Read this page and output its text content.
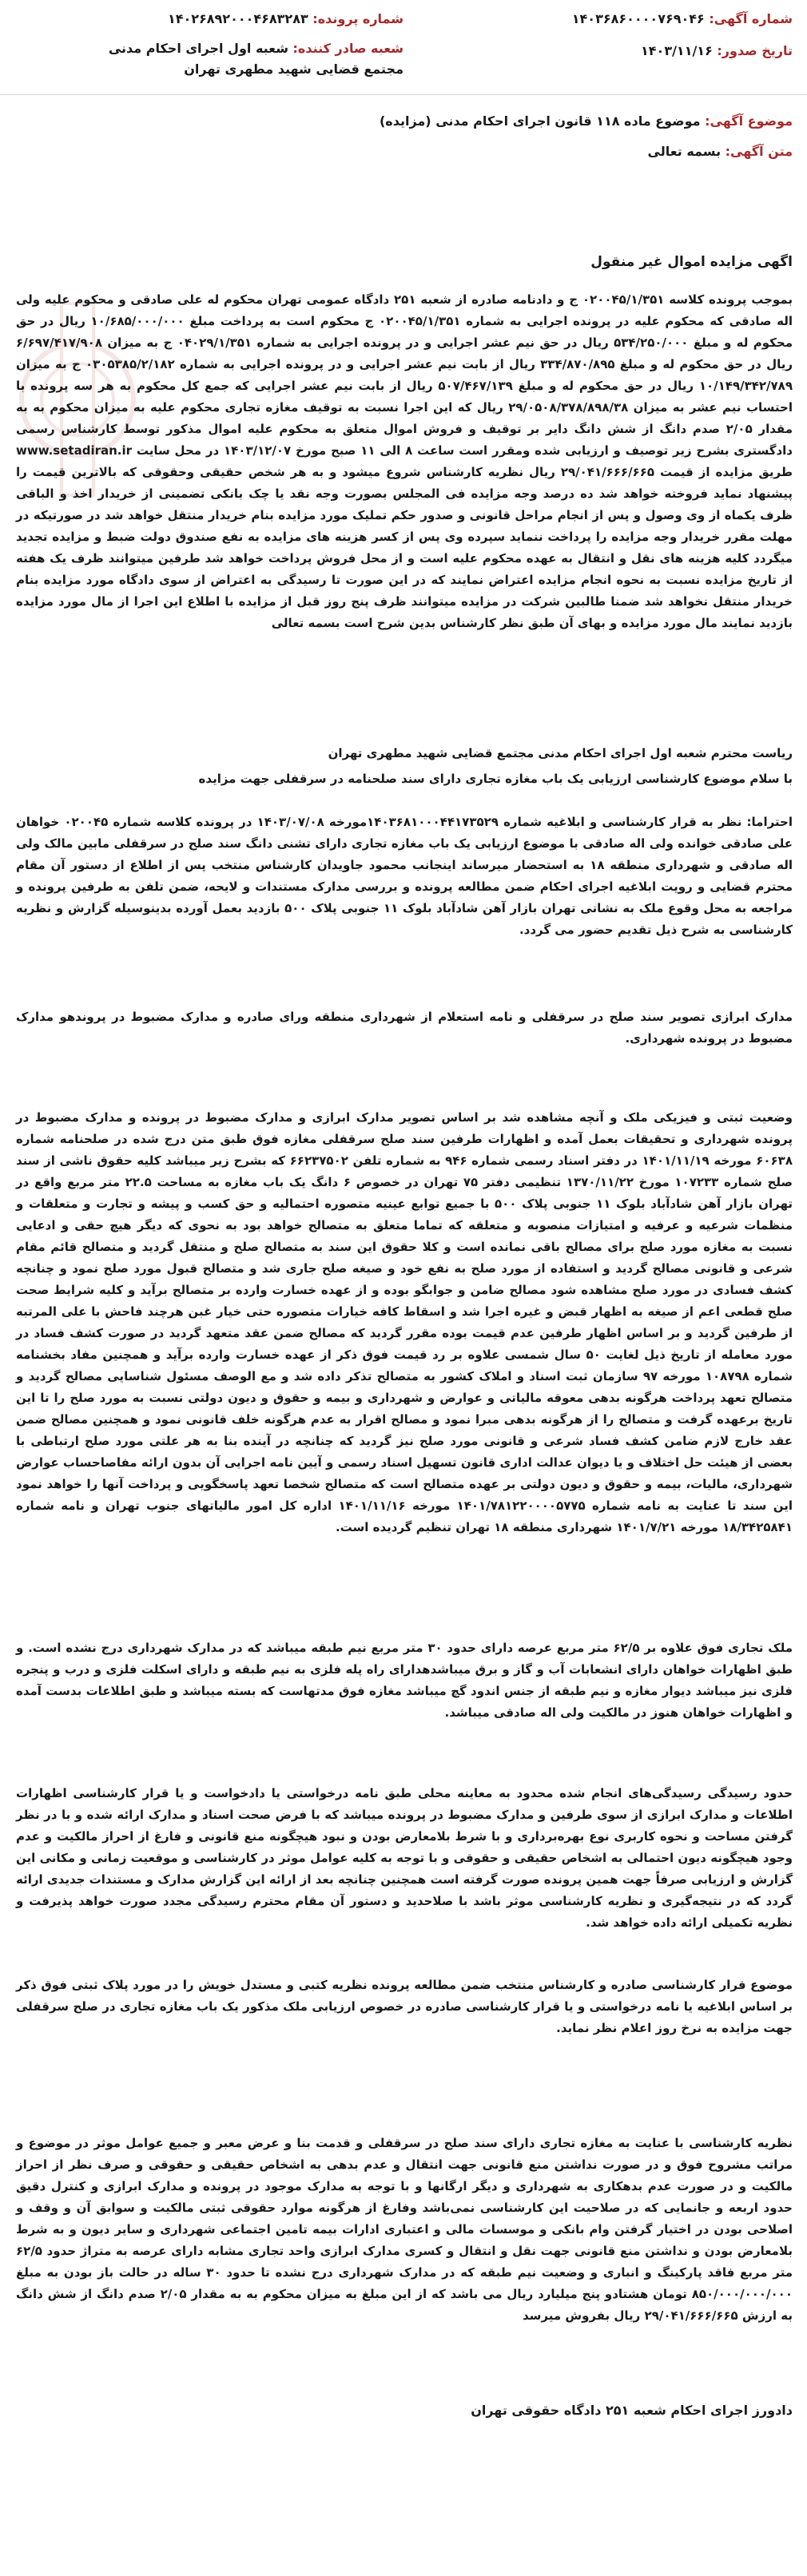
شماره آگهی: ۱۴۰۳۶۸۶۰۰۰۰۷۶۹۰۴۶
تاریخ صدور: ۱۴۰۳/۱۱/۱۶
شماره پرونده: ۱۴۰۲۶۸۹۲۰۰۰۴۶۸۳۲۸۳
شعبه صادر کننده: شعبه اول اجرای احکام مدنی مجتمع قضایی شهید مطهری تهران
موضوع آگهی: موضوع ماده ۱۱۸ قانون اجرای احکام مدنی (مزایده)
متن آگهی: بسمه تعالی
اگهی مزایده اموال غیر منقول

بموجب پرونده کلاسه ۰۲۰۰۴۵/۱/۳۵۱ ج و دادنامه صادره از شعبه ۲۵۱ دادگاه عمومی تهران محکوم له علی صادقی و محکوم علیه ولی اله صادقی که محکوم علیه در پرونده اجرایی به شماره ۰۲۰۰۴۵/۱/۳۵۱ ج محکوم است به پرداخت مبلغ ۱۰/۶۸۵/۰۰۰/۰۰۰ ریال در حق محکوم له و مبلغ ۵۳۴/۲۵۰/۰۰۰ ریال در حق نیم عشر اجرایی و در پرونده اجرایی به شماره ۰۴۰۲۹/۱/۳۵۱ ج به میزان ۶/۶۹۷/۴۱۷/۹۰۸ ریال در حق محکوم له و مبلغ ۳۳۴/۸۷۰/۸۹۵ ریال از بابت نیم عشر اجرایی و در پرونده اجرایی به شماره ۰۳۰۵۳۸۵/۲/۱۸۲ ج به میزان ۱۰/۱۴۹/۳۴۲/۷۸۹ ریال در حق محکوم له و مبلغ ۵۰۷/۴۶۷/۱۳۹ ریال از بابت نیم عشر اجرایی که جمع کل محکوم به هر سه پرونده با احتساب نیم عشر به میزان ۲۹/۰۵۰۸/۳۷۸/۸۹۸/۳۸ ریال که این اجرا نسبت به توقیف مغازه تجاری محکوم علیه به میزان محکوم به به مقدار ۲/۰۵ صدم دانگ از شش دانگ دایر بر توقیف و فروش اموال متعلق به محکوم علیه اموال مذکور توسط کارشناس رسمی دادگستری بشرح زیر توصیف و ارزیابی شده ومقرر است ساعت ۸ الی ۱۱ صبح مورخ ۱۴۰۳/۱۲/۰۷ در محل سایت www.setadiran.ir طریق مزایده از قیمت ۲۹/۰۴۱/۶۶۶/۶۶۵ ریال نظریه کارشناس شروع میشود و به هر شخص حقیقی وحقوقی که بالاترین قیمت را پیشنهاد نماید فروخته خواهد شد ده درصد وجه مزایده فی المجلس بصورت وجه نقد یا چک بانکی تضمینی از خریدار اخذ و الباقی ظرف یکماه از وی وصول و پس از انجام مراحل قانونی و صدور حکم تملیک مورد مزایده بنام خریدار منتقل خواهد شد در صورتیکه در مهلت مقرر خریدار وجه مزایده را پرداخت ننماید سپرده وی پس از کسر هزینه های مزایده به نفع صندوق دولت ضبط و مزایده تجدید میگردد کلیه هزینه های نقل و انتقال به عهده محکوم علیه است و از محل فروش پرداخت خواهد شد طرفین میتوانند ظرف یک هفته از تاریخ مزایده نسبت به نحوه انجام مزایده اعتراض نمایند که در این صورت تا رسیدگی به اعتراض از سوی دادگاه مورد مزایده بنام خریدار منتقل نخواهد شد ضمنا طالبین شرکت در مزایده میتوانند ظرف پنج روز قبل از مزایده با اطلاع این اجرا از مال مورد مزایده بازدید نمایند مال مورد مزایده و بهای آن طبق نظر کارشناس بدین شرح است بسمه تعالی

ریاست محترم شعبه اول اجرای احکام مدنی مجتمع قضایی شهید مطهری تهران

با سلام موضوع کارشناسی ارزیابی یک باب مغازه تجاری دارای سند صلحنامه در سرقفلی جهت مزایده

احتراما: نظر به قرار کارشناسی و ابلاغیه شماره ۱۴۰۳۶۸۱۰۰۰۴۴۱۷۳۵۲۹مورخه ۱۴۰۳/۰۷/۰۸ در پرونده کلاسه شماره ۰۲۰۰۴۵ خواهان علی صادقی خوانده ولی اله صادقی با موضوع ارزیابی یک باب مغازه تجاری دارای تشنی دانگ سند صلح در سرقفلی مابین مالک ولی اله صادقی و شهرداری منطقه ۱۸ به استحضار میرساند اینجانب محمود جاویدان کارشناس منتخب پس از اطلاع از دستور آن مقام محترم قضایی و رویت ابلاغیه اجرای احکام ضمن مطالعه پرونده و بررسی مدارک مستندات و لایحه، ضمن تلفن به طرفین پرونده و مراجعه به محل وقوع ملک به نشانی تهران بازار آهن شادآباد بلوک ۱۱ جنوبی پلاک ۵۰۰ بازدید بعمل آورده بدینوسیله گزارش و نظریه کارشناسی به شرح ذیل تقدیم حضور می گردد.

مدارک ابرازی تصویر سند صلح در سرقفلی و نامه استعلام از شهرداری منطقه ورای صادره و مدارک مضبوط در پروندهو مدارک مضبوط در پرونده شهرداری.

وضعیت ثبتی و فیزیکی ملک و آنچه مشاهده شد بر اساس تصویر مدارک ابرازی و مدارک مضبوط در پرونده و مدارک مضبوط در پرونده شهرداری و تحقیقات بعمل آمده و اظهارات طرفین سند صلح سرقفلی مغازه فوق طبق متن درج شده در صلحنامه شماره ۶۰۶۳۸ مورخه ۱۴۰۱/۱۱/۱۹ در دفتر اسناد رسمی شماره ۹۴۶ به شماره تلفن ۶۶۲۳۷۵۰۲ که بشرح زیر میباشد کلیه حقوق ناشی از سند صلح شماره ۱۰۷۲۳۳ مورخ ۱۳۷۰/۱۱/۲۲ تنظیمی دفتر ۷۵ تهران در خصوص ۶ دانگ یک باب مغازه به مساحت ۲۲.۵ متر مربع واقع در تهران بازار آهن شادآباد بلوک ۱۱ جنوبی پلاک ۵۰۰ با جمیع توابع عینیه متصوره احتمالیه و حق کسب و پیشه و تجارت و متعلقات و منظمات شرعیه و عرفیه و امتیازات منصوبه و متعلقه که تماما متعلق به متصالح خواهد بود به نحوی که دیگر هیچ حقی و ادعایی نسبت به مغازه مورد صلح برای مصالح باقی نمانده است و کلا حقوق این سند به متصالح صلح و منتقل گردید و متصالح قائم مقام شرعی و قانونی مصالح گردید و استفاده از مورد صلح به نفع خود و صیغه صلح جاری شد و متصالح قبول مورد صلح نمود و چنانچه کشف فسادی در مورد صلح مشاهده شود مصالح ضامن و جوابگو بوده و از عهده خسارت وارده بر متصالح برآید و کلیه شرایط صحت صلح قطعی اعم از صیغه به اظهار قبض و غیره اجرا شد و اسقاط کافه خیارات متصوره حتی خیار غبن هرچند فاحش با علی المرتبه از طرفین گردید و بر اساس اظهار طرفین عدم قیمت بوده مقرر گردید که مصالح ضمن عقد متعهد گردید در صورت کشف فساد در مورد معامله از تاریخ ذیل لغایت ۵۰ سال شمسی علاوه بر رد قیمت فوق ذکر از عهده خسارت وارده برآید و همچنین مفاد بخشنامه شماره ۱۰۸۷۹۸ مورخه ۹۷ سازمان ثبت اسناد و املاک کشور به متصالح تذکر داده شد و مع الوصف مسئول شناسایی مصالح گردید و متصالح تعهد پرداخت هرگونه بدهی معوقه مالیاتی و عوارض و شهرداری و بیمه و حقوق و دیون دولتی نسبت به مورد صلح را تا این تاریخ برعهده گرفت و متصالح را از هرگونه بدهی مبرا نمود و مصالح اقرار به عدم هرگونه خلف قانونی نمود و همچنین مصالح ضمن عقد خارج لازم ضامن کشف فساد شرعی و قانونی مورد صلح نیز گردید که چنانچه در آینده بنا به هر علتی مورد صلح ارتباطی با بعضی از هیئت حل اختلاف و یا دیوان عدالت اداری قانون تسهیل اسناد رسمی و آیین نامه اجرایی آن بدون ارائه مفاصاحساب عوارض شهرداری، مالیات، بیمه و حقوق و دیون دولتی بر عهده متصالح است که متصالح شخصا تعهد پاسخگویی و پرداخت آنها را خواهد نمود این سند تا عنایت به نامه شماره ۱۴۰۱/۷۸۱۲۲۰۰۰۰۵۷۷۵ مورخه ۱۴۰۱/۱۱/۱۶ اداره کل امور مالیاتهای جنوب تهران و نامه شماره ۱۸/۳۴۲۵۸۴۱ مورخه ۱۴۰۱/۷/۲۱ شهرداری منطقه ۱۸ تهران تنظیم گردیده است.

ملک تجاری فوق علاوه بر ۶۲/۵ متر مربع عرصه دارای حدود ۳۰ متر مربع نیم طبقه میباشد که در مدارک شهرداری درج نشده است. و طبق اظهارات خواهان دارای انشعابات آب و گاز و برق میباشدهدارای راه پله فلزی به نیم طبقه و دارای اسکلت فلزی و درب و پنجره فلزی نیز میباشد دیوار مغازه و نیم طبقه از جنس اندود گچ میباشد مغازه فوق مدتهاست که بسته میباشد و طبق اطلاعات بدست آمده و اظهارات خواهان هنوز در مالکیت ولی اله صادقی میباشد.

حدود رسیدگی رسیدگی‌های انجام شده محدود به معاینه محلی طبق نامه درخواستی یا دادخواست و یا قرار کارشناسی اظهارات اطلاعات و مدارک ابرازی از سوی طرفین و مدارک مضبوط در پرونده میباشد که با فرض صحت اسناد و مدارک ارائه شده و با در نظر گرفتن مساحت و نحوه کاربری نوع بهره‌برداری و با شرط بلامعارض بودن و نبود هیچگونه منع قانونی و فارغ از احراز مالکیت و عدم وجود هیچگونه دیون احتمالی به اشخاص حقیقی و حقوقی و با توجه به کلیه عوامل موثر در کارشناسی و موقعیت زمانی و مکانی این گزارش و ارزیابی صرفاً جهت همین پرونده صورت گرفته است همچنین چنانچه بعد از ارائه این گزارش مدارک و مستندات جدیدی ارائه گردد که در نتیجه‌گیری و نظریه کارشناسی موثر باشد با صلاحدید و دستور آن مقام محترم رسیدگی مجدد صورت خواهد پذیرفت و نظریه تکمیلی ارائه داده خواهد شد.

موضوع قرار کارشناسی صادره و کارشناس منتخب ضمن مطالعه پرونده نظریه کتبی و مستدل خویش را در مورد پلاک ثبتی فوق ذکر بر اساس ابلاغیه یا نامه درخواستی و یا قرار کارشناسی صادره در خصوص ارزیابی ملک مذکور یک باب مغازه تجاری در صلح سرقفلی جهت مزایده به نرخ روز اعلام نظر نماید.

نظریه کارشناسی با عنایت به مغازه تجاری دارای سند صلح در سرقفلی و قدمت بنا و عرض معبر و جمیع عوامل موثر در موضوع و مراتب مشروح فوق و در صورت نداشتن منع قانونی جهت انتقال و عدم بدهی به اشخاص حقیقی و حقوقی و صرف نظر از احراز مالکیت و در صورت عدم بدهکاری به شهرداری و دیگر ارگانها و با توجه به مدارک موجود در پرونده و مدارک ابرازی و کنترل دقیق حدود اربعه و جانمایی که در صلاحیت این کارشناسی نمی‌باشد وفارغ از هرگونه موارد حقوقی ثبتی مالکیت و سوابق آن و وقف و اصلاحی بودن در اختیار گرفتن وام بانکی و موسسات مالی و اعتباری ادارات بیمه تامین اجتماعی شهرداری و سایر دیون و به شرط بلامعارض بودن و نداشتن منع قانونی جهت نقل و انتقال و کسری مدارک ابرازی واحد تجاری مشابه دارای عرصه به متراژ حدود ۶۲/۵ متر مربع فاقد پارکینگ و انباری و وضعیت نیم طبقه که در مدارک شهرداری درج نشده تا حدود ۳۰ ساله در حالت باز بودن به مبلغ ۸۵۰/۰۰۰/۰۰۰/۰۰۰ تومان هشتادو پنج میلیارد ریال می باشد که از این مبلغ به میزان محکوم به به مقدار ۲/۰۵ صدم دانگ از شش دانگ به ارزش ۲۹/۰۴۱/۶۶۶/۶۶۵ ریال بفروش میرسد

دادورز اجرای احکام شعبه ۲۵۱ دادگاه حقوقی تهران
